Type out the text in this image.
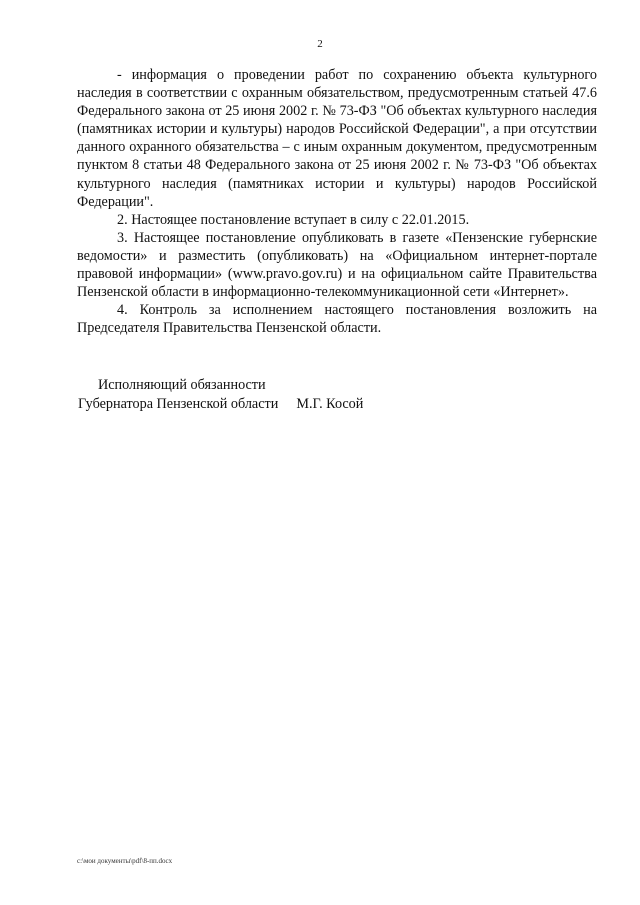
2

- информация о проведении работ по сохранению объекта культурного наследия в соответствии с охранным обязательством, предусмотренным статьей 47.6 Федерального закона от 25 июня 2002 г. № 73-ФЗ "Об объектах культурного наследия (памятниках истории и культуры) народов Российской Федерации", а при отсутствии данного охранного обязательства – с иным охранным документом, предусмотренным пунктом 8 статьи 48 Федерального закона от 25 июня 2002 г. № 73-ФЗ "Об объектах культурного наследия (памятниках истории и культуры) народов Российской Федерации".

2. Настоящее постановление вступает в силу с 22.01.2015.

3. Настоящее постановление опубликовать в газете «Пензенские губернские ведомости» и разместить (опубликовать) на «Официальном интернет-портале правовой информации» (www.pravo.gov.ru) и на официальном сайте Правительства Пензенской области в информационно-телекоммуникационной сети «Интернет».

4. Контроль за исполнением настоящего постановления возложить на Председателя Правительства Пензенской области.

Исполняющий обязанности
Губернатора Пензенской области М.Г. Косой
c:\мои документы\pdf\8-пп.docx
